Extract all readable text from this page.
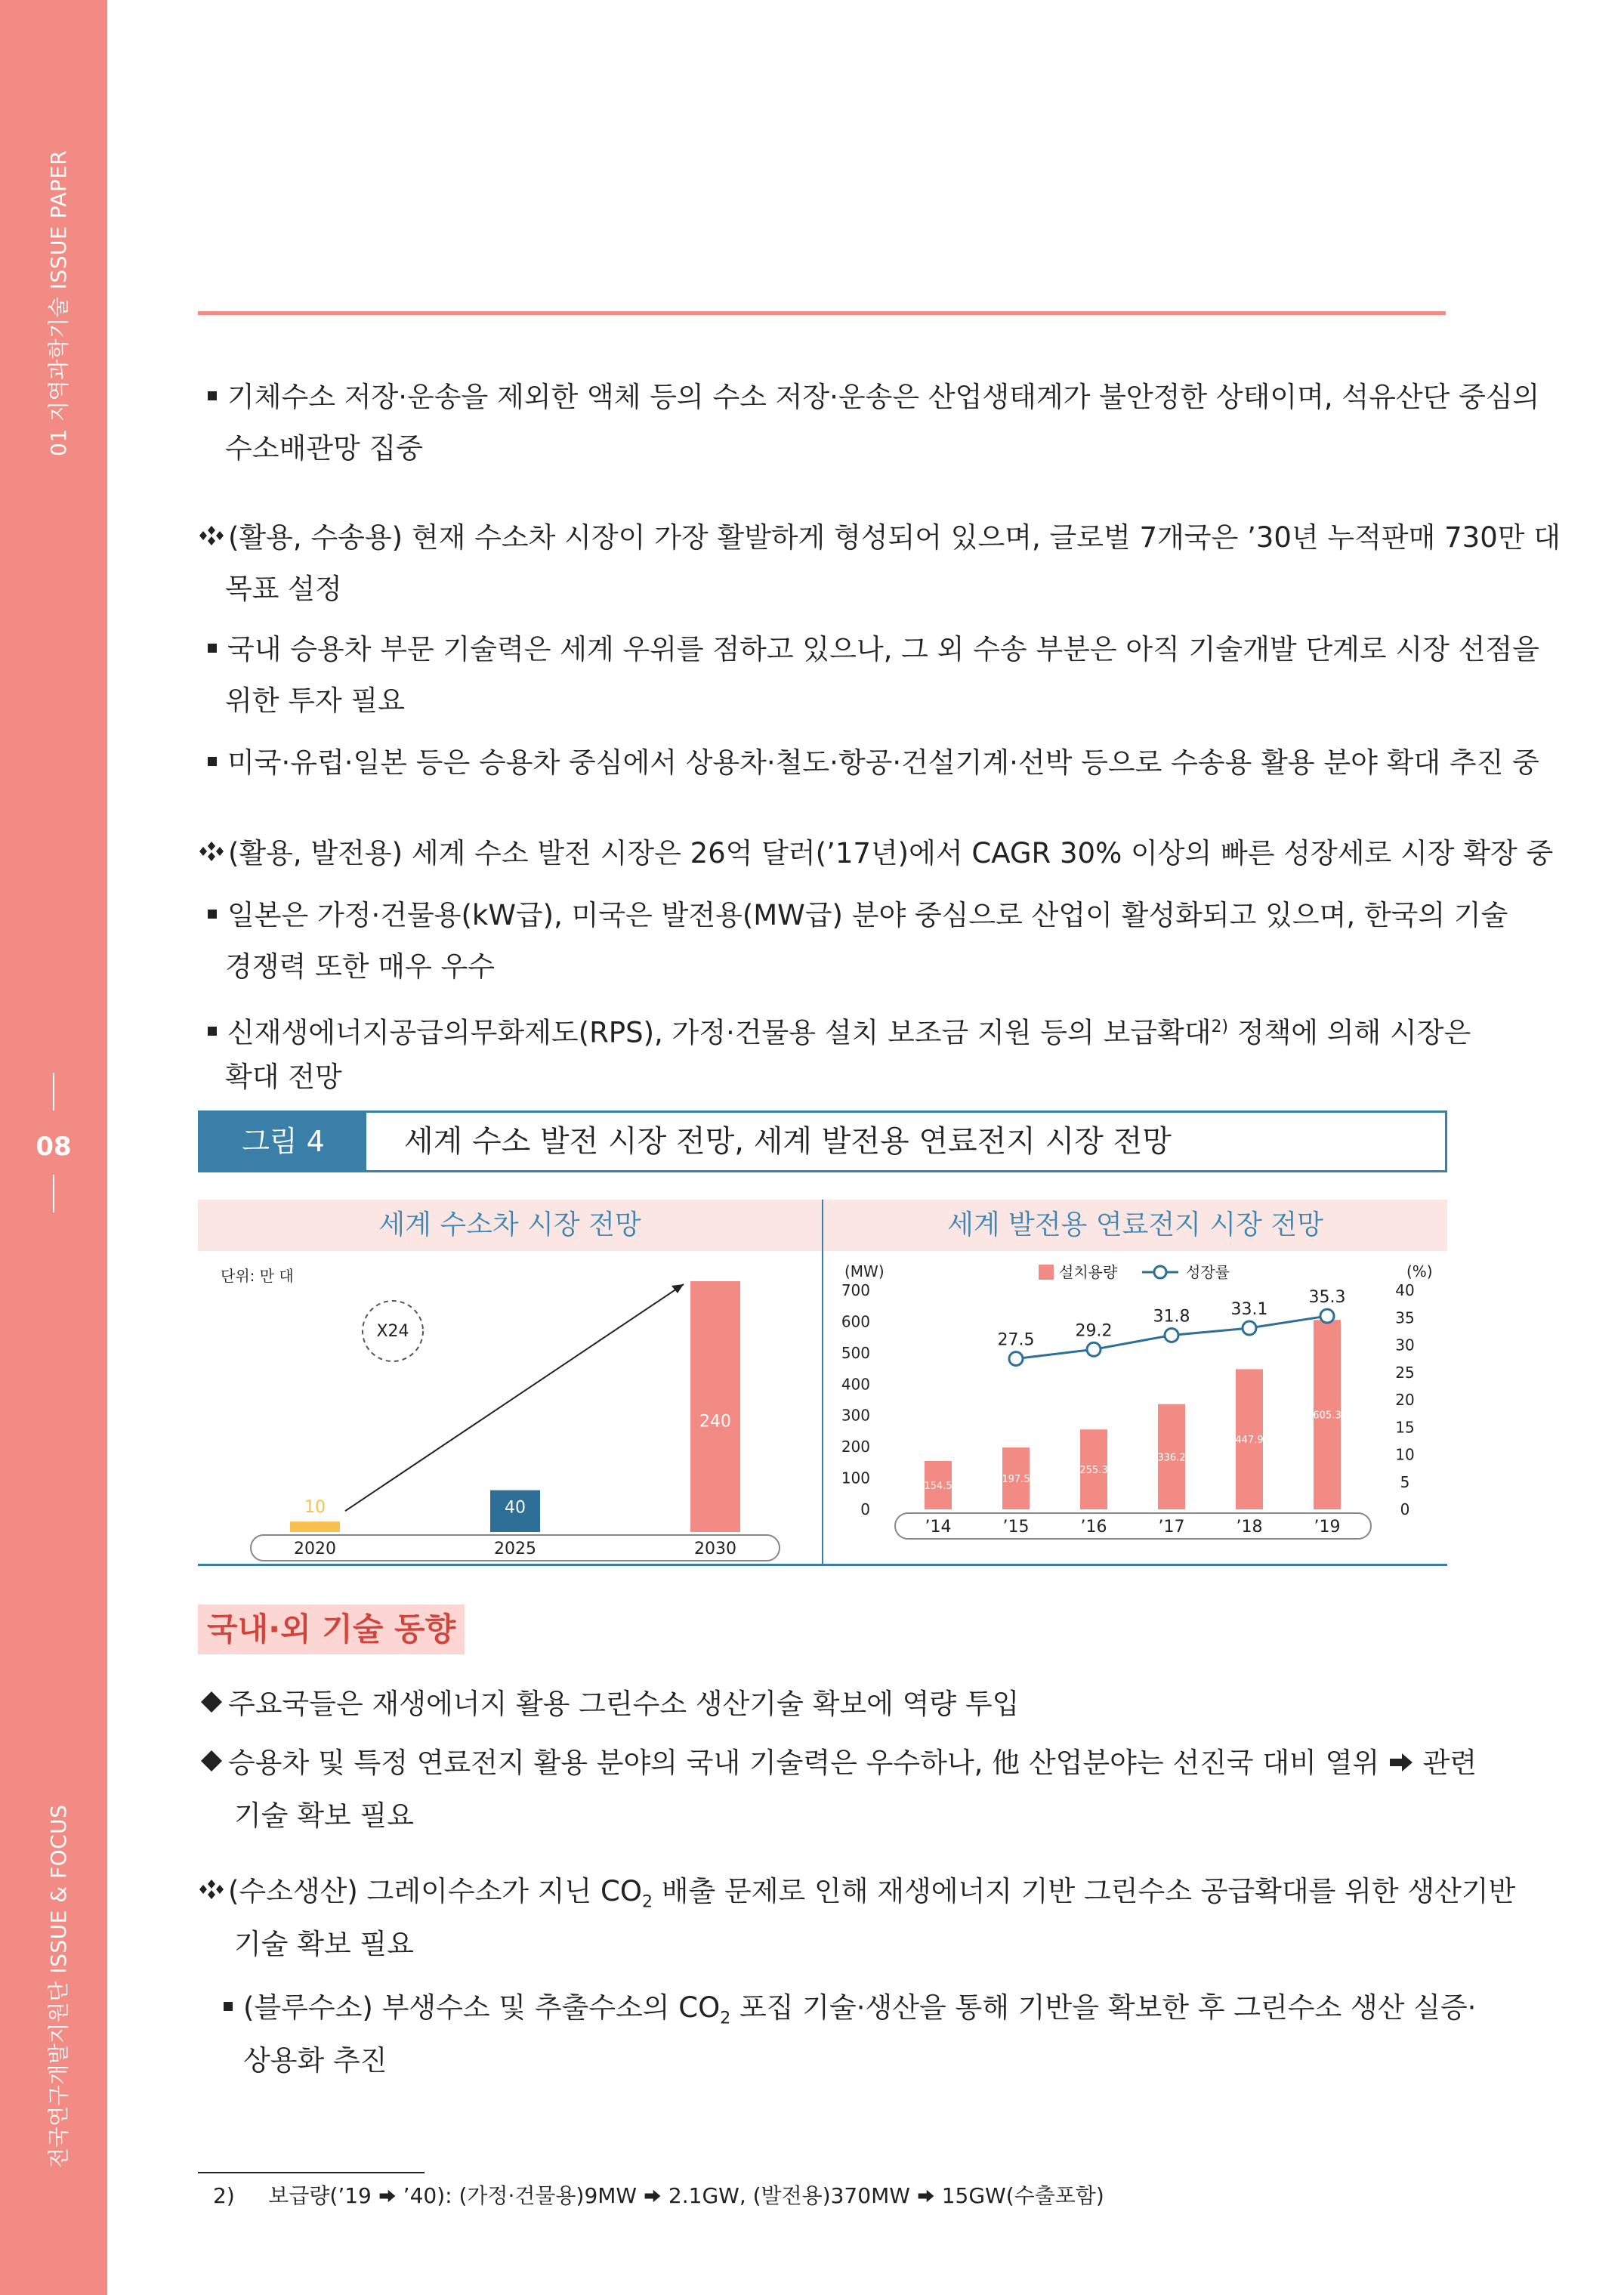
01 지역과학기술 ISSUE PAPER
08
전국연구개발지원단 ISSUE & FOCUS
기체수소 저장·운송을 제외한 액체 등의 수소 저장·운송은 산업생태계가 불안정한 상태이며, 석유산단 중심의
수소배관망 집중
(활용, 수송용) 현재 수소차 시장이 가장 활발하게 형성되어 있으며, 글로벌 7개국은 ’30년 누적판매 730만 대
목표 설정
국내 승용차 부문 기술력은 세계 우위를 점하고 있으나, 그 외 수송 부분은 아직 기술개발 단계로 시장 선점을
위한 투자 필요
미국·유럽·일본 등은 승용차 중심에서 상용차·철도·항공·건설기계·선박 등으로 수송용 활용 분야 확대 추진 중
(활용, 발전용) 세계 수소 발전 시장은 26억 달러(’17년)에서 CAGR 30% 이상의 빠른 성장세로 시장 확장 중
일본은 가정·건물용(kW급), 미국은 발전용(MW급) 분야 중심으로 산업이 활성화되고 있으며, 한국의 기술
경쟁력 또한 매우 우수
신재생에너지공급의무화제도(RPS), 가정·건물용 설치 보조금 지원 등의 보급확대$^{2)}$ 정책에 의해 시장은
확대 전망
그림 4	세계 수소 발전 시장 전망, 세계 발전용 연료전지 시장 전망
세계 수소차 시장 전망	세계 발전용 연료전지 시장 전망
단위: 만 대
X24
10	40
240
2020	2025	2030
(MW)	(%)
설치용량	성장률
700
600
500
400
300
200
100
0
40
35
30
25
20
15
10
5
0
154.5
197.5
255.3
336.2
447.9
605.3
27.5 29.2
31.8 33.1
35.3
’14	’15	’16	’17	’18	’19
국내·외 기술 동향
주요국들은 재생에너지 활용 그린수소 생산기술 확보에 역량 투입
승용차 및 특정 연료전지 활용 분야의 국내 기술력은 우수하나, 他 산업분야는 선진국 대비 열위 관련
기술 확보 필요
(수소생산) 그레이수소가 지닌 $CO_2$ 배출 문제로 인해 재생에너지 기반 그린수소 공급확대를 위한 생산기반
기술 확보 필요
(블루수소) 부생수소 및 추출수소의 $CO_2$ 포집 기술·생산을 통해 기반을 확보한 후 그린수소 생산 실증·
상용화 추진
2) 보급량(’19  ’40): (가정·건물용)9MW  2.1GW, (발전용)370MW  15GW(수출포함)
